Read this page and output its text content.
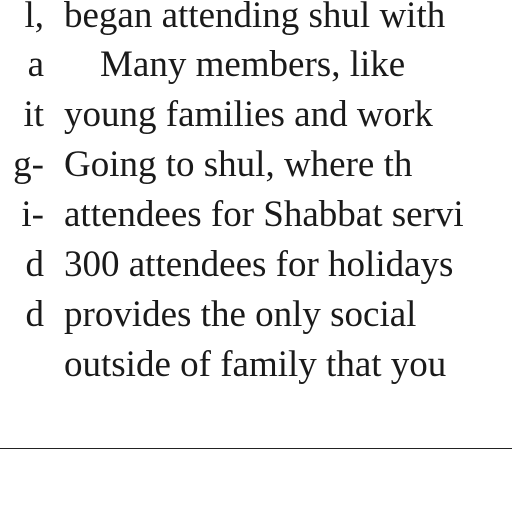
l,
a
it
g-
i-
d
d
began attending shul with
Many members, like
young families and work
Going to shul, where th
attendees for Shabbat servi
300 attendees for holidays
provides the only social
outside of family that you
